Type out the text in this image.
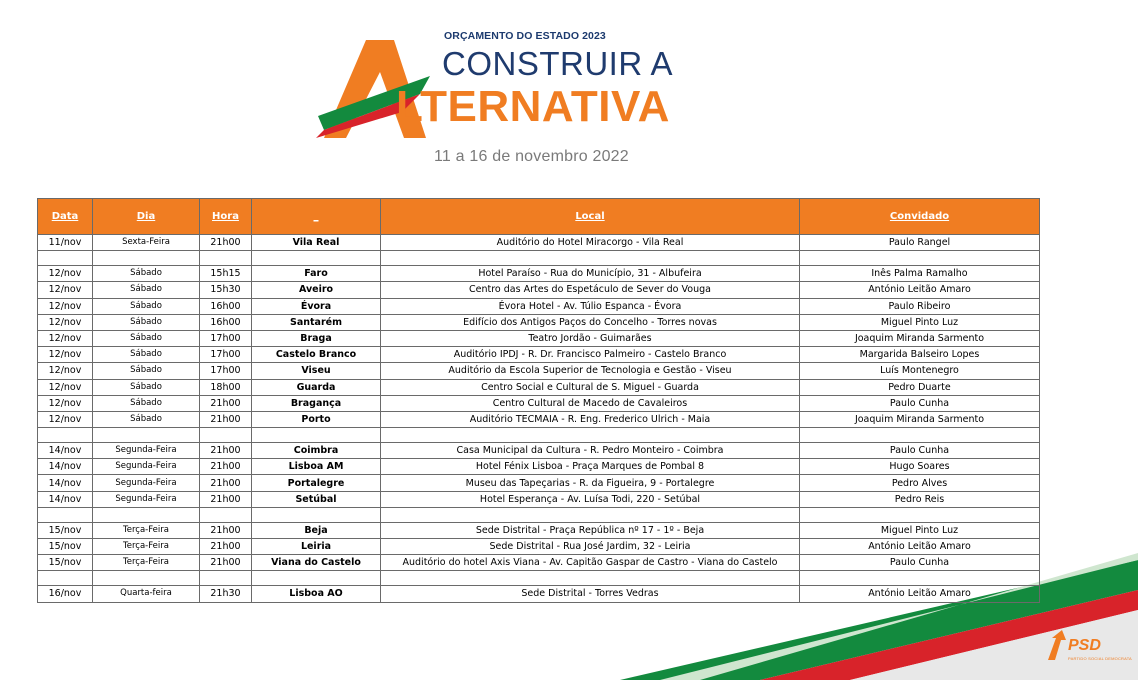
ORÇAMENTO DO ESTADO 2023
CONSTRUIR A
LTERNATIVA
11 a 16 de novembro 2022
Data	Dia	Hora	_	Local	Convidado
11/nov	Sexta-Feira	21h00	Vila Real	Auditório do Hotel Miracorgo - Vila Real	Paulo Rangel

12/nov	Sábado	15h15	Faro	Hotel Paraíso - Rua do Município, 31 - Albufeira	Inês Palma Ramalho
12/nov	Sábado	15h30	Aveiro	Centro das Artes do Espetáculo de Sever do Vouga	António Leitão Amaro
12/nov	Sábado	16h00	Évora	Évora Hotel - Av. Túlio Espanca - Évora	Paulo Ribeiro
12/nov	Sábado	16h00	Santarém	Edifício dos Antigos Paços do Concelho - Torres novas	Miguel Pinto Luz
12/nov	Sábado	17h00	Braga	Teatro Jordão - Guimarães	Joaquim Miranda Sarmento
12/nov	Sábado	17h00	Castelo Branco	Auditório IPDJ - R. Dr. Francisco Palmeiro - Castelo Branco	Margarida Balseiro Lopes
12/nov	Sábado	17h00	Viseu	Auditório da Escola Superior de Tecnologia e Gestão - Viseu	Luís Montenegro
12/nov	Sábado	18h00	Guarda	Centro Social e Cultural de S. Miguel - Guarda	Pedro Duarte
12/nov	Sábado	21h00	Bragança	Centro Cultural de Macedo de Cavaleiros	Paulo Cunha
12/nov	Sábado	21h00	Porto	Auditório TECMAIA - R. Eng. Frederico Ulrich - Maia	Joaquim Miranda Sarmento

14/nov	Segunda-Feira	21h00	Coimbra	Casa Municipal da Cultura - R. Pedro Monteiro - Coimbra	Paulo Cunha
14/nov	Segunda-Feira	21h00	Lisboa AM	Hotel Fénix Lisboa - Praça Marques de Pombal 8	Hugo Soares
14/nov	Segunda-Feira	21h00	Portalegre	Museu das Tapeçarias - R. da Figueira, 9 - Portalegre	Pedro Alves
14/nov	Segunda-Feira	21h00	Setúbal	Hotel Esperança - Av. Luísa Todi, 220 - Setúbal	Pedro Reis

15/nov	Terça-Feira	21h00	Beja	Sede Distrital - Praça República nº 17 - 1º - Beja	Miguel Pinto Luz
15/nov	Terça-Feira	21h00	Leiria	Sede Distrital - Rua José Jardim, 32 - Leiria	António Leitão Amaro
15/nov	Terça-Feira	21h00	Viana do Castelo	Auditório do hotel Axis Viana - Av. Capitão Gaspar de Castro - Viana do Castelo	Paulo Cunha

16/nov	Quarta-feira	21h30	Lisboa AO	Sede Distrital - Torres Vedras	António Leitão Amaro
PSD
PARTIDO SOCIAL DEMOCRATA
